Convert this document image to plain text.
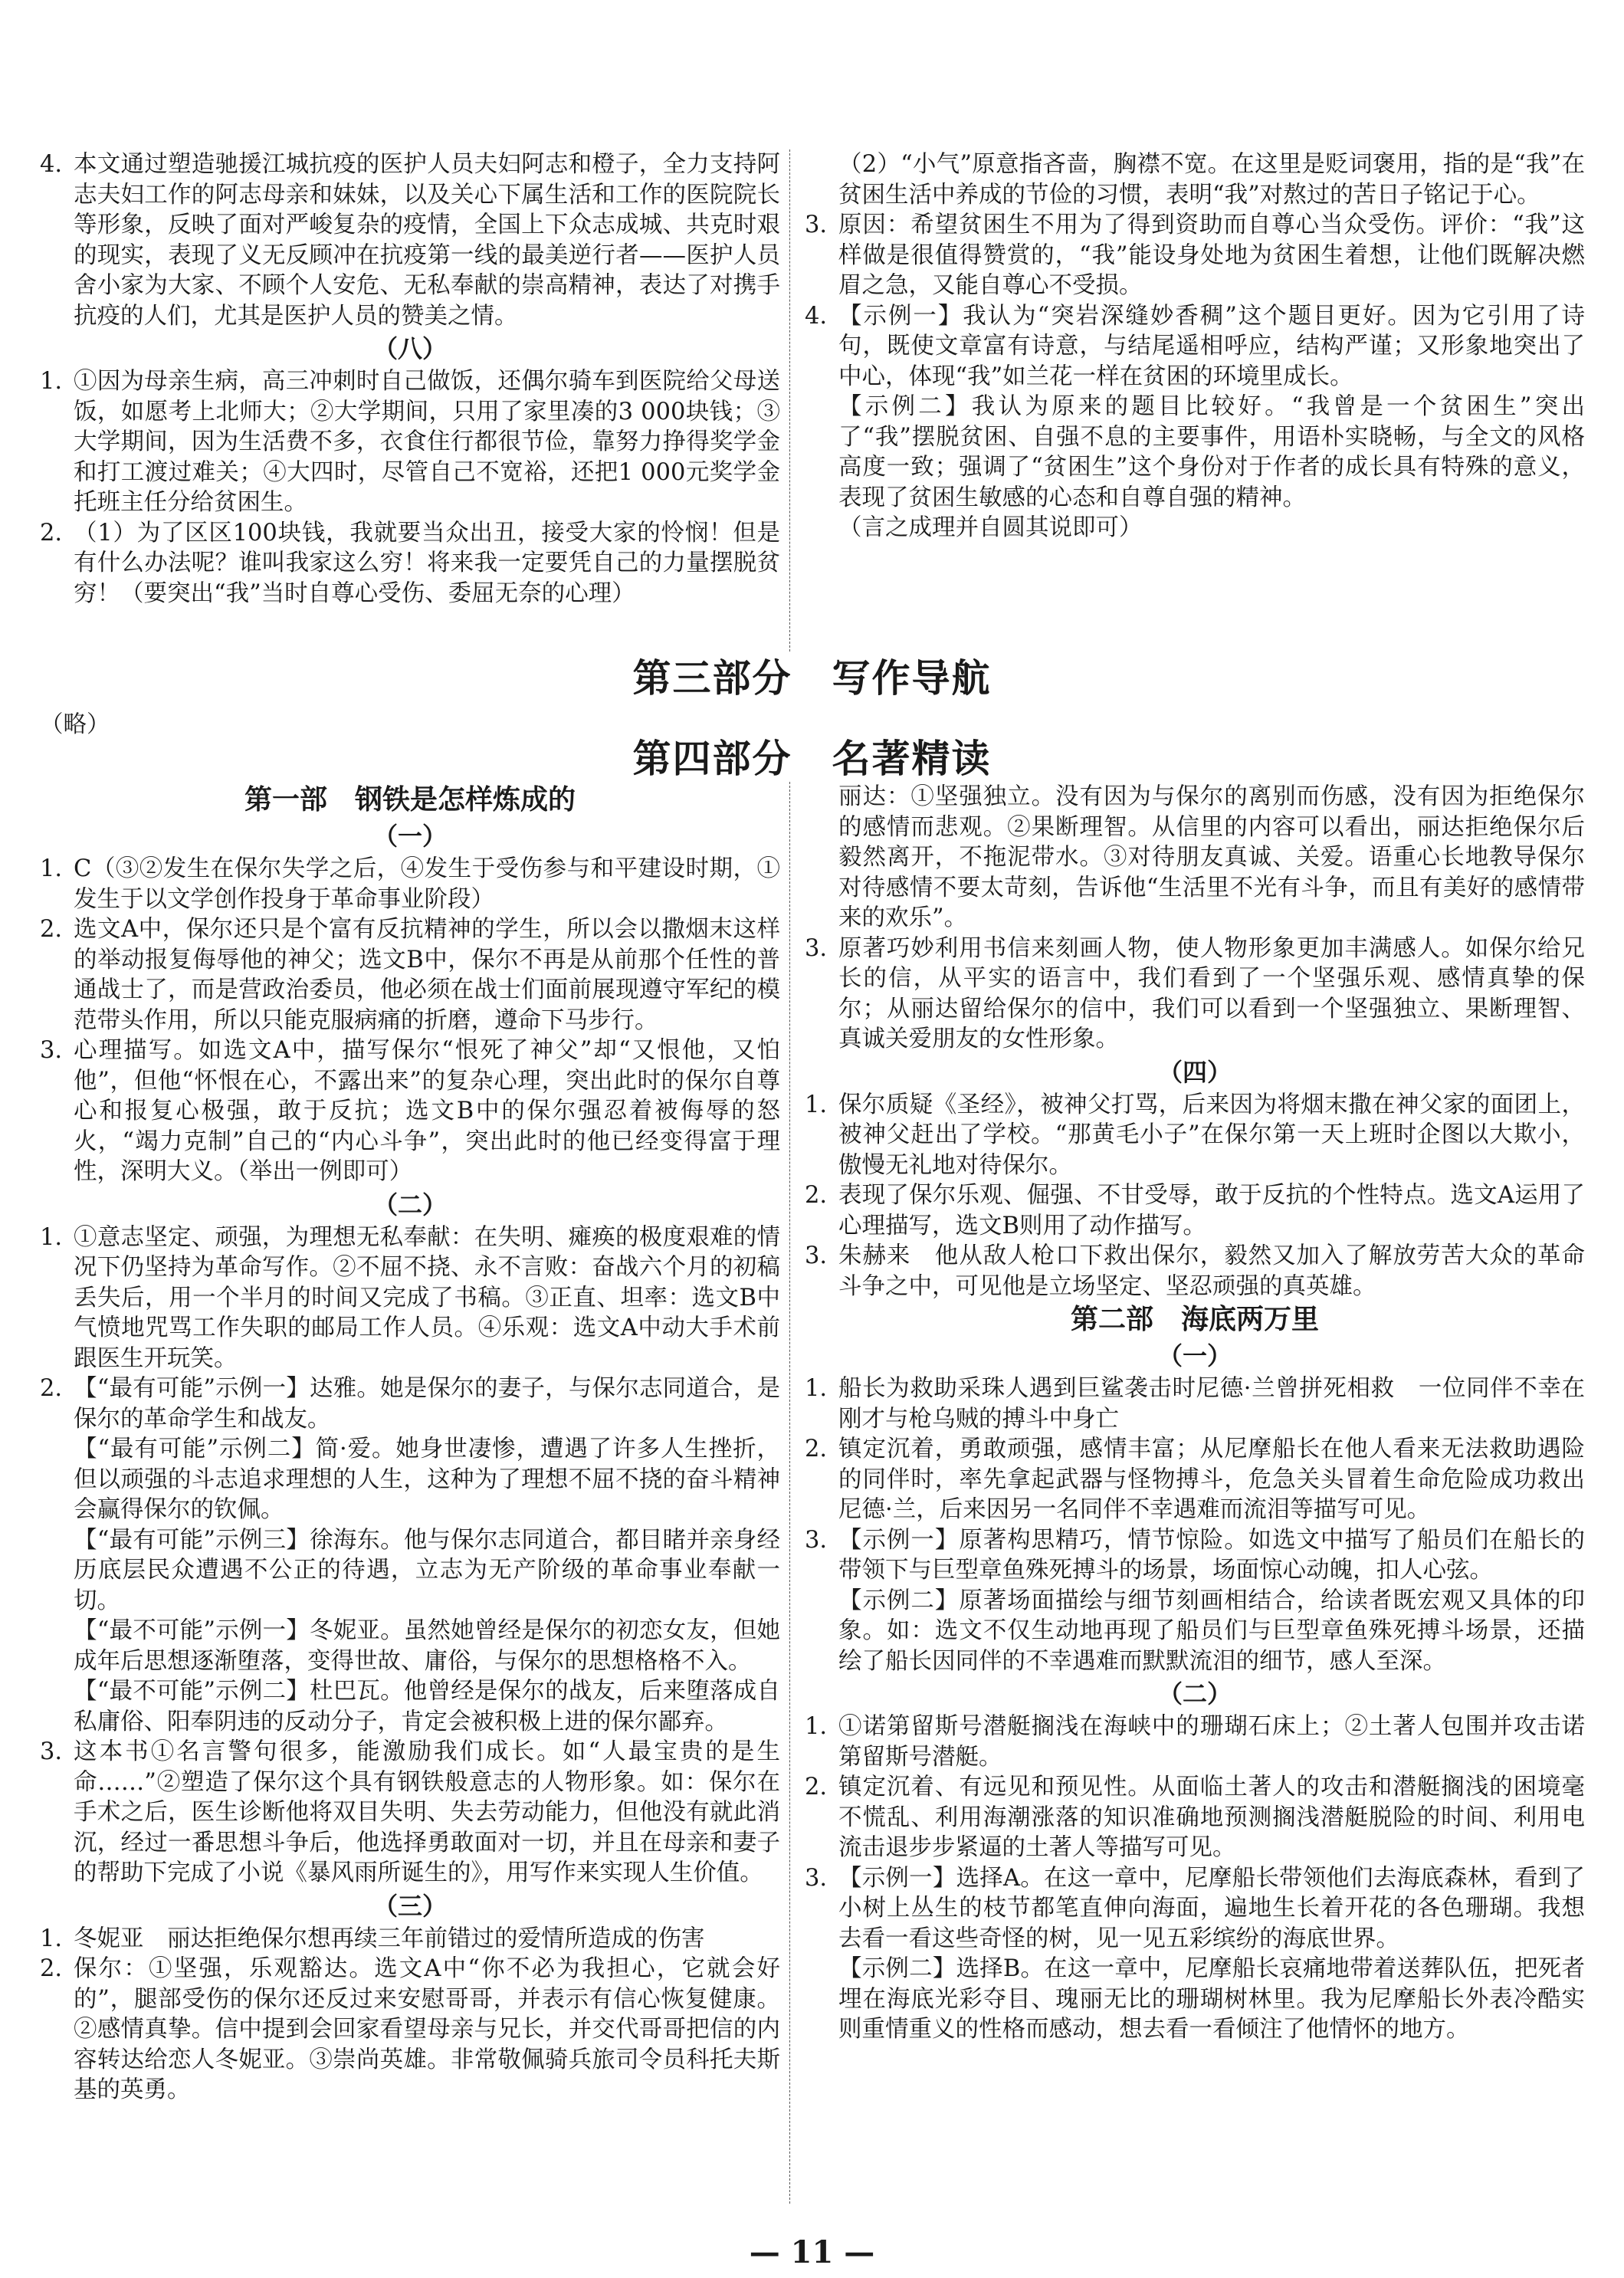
4. 本文通过塑造驰援江城抗疫的医护人员夫妇阿志和橙子，全力支持阿志夫妇工作的阿志母亲和妹妹，以及关心下属生活和工作的医院院长等形象，反映了面对严峻复杂的疫情，全国上下众志成城、共克时艰的现实，表现了义无反顾冲在抗疫第一线的最美逆行者——医护人员舍小家为大家、不顾个人安危、无私奉献的崇高精神，表达了对携手抗疫的人们，尤其是医护人员的赞美之情。
（八）
1. ①因为母亲生病，高三冲刺时自己做饭，还偶尔骑车到医院给父母送饭，如愿考上北师大；②大学期间，只用了家里凑的3 000块钱；③大学期间，因为生活费不多，衣食住行都很节俭，靠努力挣得奖学金和打工渡过难关；④大四时，尽管自己不宽裕，还把1 000元奖学金托班主任分给贫困生。
2. （1）为了区区100块钱，我就要当众出丑，接受大家的怜悯！但是有什么办法呢？谁叫我家这么穷！将来我一定要凭自己的力量摆脱贫穷！（要突出“我”当时自尊心受伤、委屈无奈的心理）
（2）“小气”原意指吝啬，胸襟不宽。在这里是贬词褒用，指的是“我”在贫困生活中养成的节俭的习惯，表明“我”对熬过的苦日子铭记于心。
3. 原因：希望贫困生不用为了得到资助而自尊心当众受伤。评价：“我”这样做是很值得赞赏的，“我”能设身处地为贫困生着想，让他们既解决燃眉之急，又能自尊心不受损。
4. 【示例一】我认为“突岩深缝妙香稠”这个题目更好。因为它引用了诗句，既使文章富有诗意，与结尾遥相呼应，结构严谨；又形象地突出了中心，体现“我”如兰花一样在贫困的环境里成长。
【示例二】我认为原来的题目比较好。“我曾是一个贫困生”突出了“我”摆脱贫困、自强不息的主要事件，用语朴实晓畅，与全文的风格高度一致；强调了“贫困生”这个身份对于作者的成长具有特殊的意义，表现了贫困生敏感的心态和自尊自强的精神。
（言之成理并自圆其说即可）
第三部分　写作导航
（略）
第四部分　名著精读
第一部　钢铁是怎样炼成的
（一）
1. C（③②发生在保尔失学之后，④发生于受伤参与和平建设时期，①发生于以文学创作投身于革命事业阶段）
2. 选文A中，保尔还只是个富有反抗精神的学生，所以会以撒烟末这样的举动报复侮辱他的神父；选文B中，保尔不再是从前那个任性的普通战士了，而是营政治委员，他必须在战士们面前展现遵守军纪的模范带头作用，所以只能克服病痛的折磨，遵命下马步行。
3. 心理描写。如选文A中，描写保尔“恨死了神父”却“又恨他，又怕他”，但他“怀恨在心，不露出来”的复杂心理，突出此时的保尔自尊心和报复心极强，敢于反抗；选文B中的保尔强忍着被侮辱的怒火，“竭力克制”自己的“内心斗争”，突出此时的他已经变得富于理性，深明大义。（举出一例即可）
（二）
1. ①意志坚定、顽强，为理想无私奉献：在失明、瘫痪的极度艰难的情况下仍坚持为革命写作。②不屈不挠、永不言败：奋战六个月的初稿丢失后，用一个半月的时间又完成了书稿。③正直、坦率：选文B中气愤地咒骂工作失职的邮局工作人员。④乐观：选文A中动大手术前跟医生开玩笑。
2. 【“最有可能”示例一】达雅。她是保尔的妻子，与保尔志同道合，是保尔的革命学生和战友。
【“最有可能”示例二】简·爱。她身世凄惨，遭遇了许多人生挫折，但以顽强的斗志追求理想的人生，这种为了理想不屈不挠的奋斗精神会赢得保尔的钦佩。
【“最有可能”示例三】徐海东。他与保尔志同道合，都目睹并亲身经历底层民众遭遇不公正的待遇，立志为无产阶级的革命事业奉献一切。
【“最不可能”示例一】冬妮亚。虽然她曾经是保尔的初恋女友，但她成年后思想逐渐堕落，变得世故、庸俗，与保尔的思想格格不入。
【“最不可能”示例二】杜巴瓦。他曾经是保尔的战友，后来堕落成自私庸俗、阳奉阴违的反动分子，肯定会被积极上进的保尔鄙弃。
3. 这本书①名言警句很多，能激励我们成长。如“人最宝贵的是生命……”②塑造了保尔这个具有钢铁般意志的人物形象。如：保尔在手术之后，医生诊断他将双目失明、失去劳动能力，但他没有就此消沉，经过一番思想斗争后，他选择勇敢面对一切，并且在母亲和妻子的帮助下完成了小说《暴风雨所诞生的》，用写作来实现人生价值。
（三）
1. 冬妮亚　丽达拒绝保尔想再续三年前错过的爱情所造成的伤害
2. 保尔：①坚强，乐观豁达。选文A中“你不必为我担心，它就会好的”，腿部受伤的保尔还反过来安慰哥哥，并表示有信心恢复健康。②感情真挚。信中提到会回家看望母亲与兄长，并交代哥哥把信的内容转达给恋人冬妮亚。③崇尚英雄。非常敬佩骑兵旅司令员科托夫斯基的英勇。
丽达：①坚强独立。没有因为与保尔的离别而伤感，没有因为拒绝保尔的感情而悲观。②果断理智。从信里的内容可以看出，丽达拒绝保尔后毅然离开，不拖泥带水。③对待朋友真诚、关爱。语重心长地教导保尔对待感情不要太苛刻，告诉他“生活里不光有斗争，而且有美好的感情带来的欢乐”。
3. 原著巧妙利用书信来刻画人物，使人物形象更加丰满感人。如保尔给兄长的信，从平实的语言中，我们看到了一个坚强乐观、感情真挚的保尔；从丽达留给保尔的信中，我们可以看到一个坚强独立、果断理智、真诚关爱朋友的女性形象。
（四）
1. 保尔质疑《圣经》，被神父打骂，后来因为将烟末撒在神父家的面团上，被神父赶出了学校。“那黄毛小子”在保尔第一天上班时企图以大欺小，傲慢无礼地对待保尔。
2. 表现了保尔乐观、倔强、不甘受辱，敢于反抗的个性特点。选文A运用了心理描写，选文B则用了动作描写。
3. 朱赫来　他从敌人枪口下救出保尔，毅然又加入了解放劳苦大众的革命斗争之中，可见他是立场坚定、坚忍顽强的真英雄。
第二部　海底两万里
（一）
1. 船长为救助采珠人遇到巨鲨袭击时尼德·兰曾拼死相救　一位同伴不幸在刚才与枪乌贼的搏斗中身亡
2. 镇定沉着，勇敢顽强，感情丰富；从尼摩船长在他人看来无法救助遇险的同伴时，率先拿起武器与怪物搏斗，危急关头冒着生命危险成功救出尼德·兰，后来因另一名同伴不幸遇难而流泪等描写可见。
3. 【示例一】原著构思精巧，情节惊险。如选文中描写了船员们在船长的带领下与巨型章鱼殊死搏斗的场景，场面惊心动魄，扣人心弦。
【示例二】原著场面描绘与细节刻画相结合，给读者既宏观又具体的印象。如：选文不仅生动地再现了船员们与巨型章鱼殊死搏斗场景，还描绘了船长因同伴的不幸遇难而默默流泪的细节，感人至深。
（二）
1. ①诺第留斯号潜艇搁浅在海峡中的珊瑚石床上；②土著人包围并攻击诺第留斯号潜艇。
2. 镇定沉着、有远见和预见性。从面临土著人的攻击和潜艇搁浅的困境毫不慌乱、利用海潮涨落的知识准确地预测搁浅潜艇脱险的时间、利用电流击退步步紧逼的土著人等描写可见。
3. 【示例一】选择A。在这一章中，尼摩船长带领他们去海底森林，看到了小树上丛生的枝节都笔直伸向海面，遍地生长着开花的各色珊瑚。我想去看一看这些奇怪的树，见一见五彩缤纷的海底世界。
【示例二】选择B。在这一章中，尼摩船长哀痛地带着送葬队伍，把死者埋在海底光彩夺目、瑰丽无比的珊瑚树林里。我为尼摩船长外表冷酷实则重情重义的性格而感动，想去看一看倾注了他情怀的地方。
— 11 —
